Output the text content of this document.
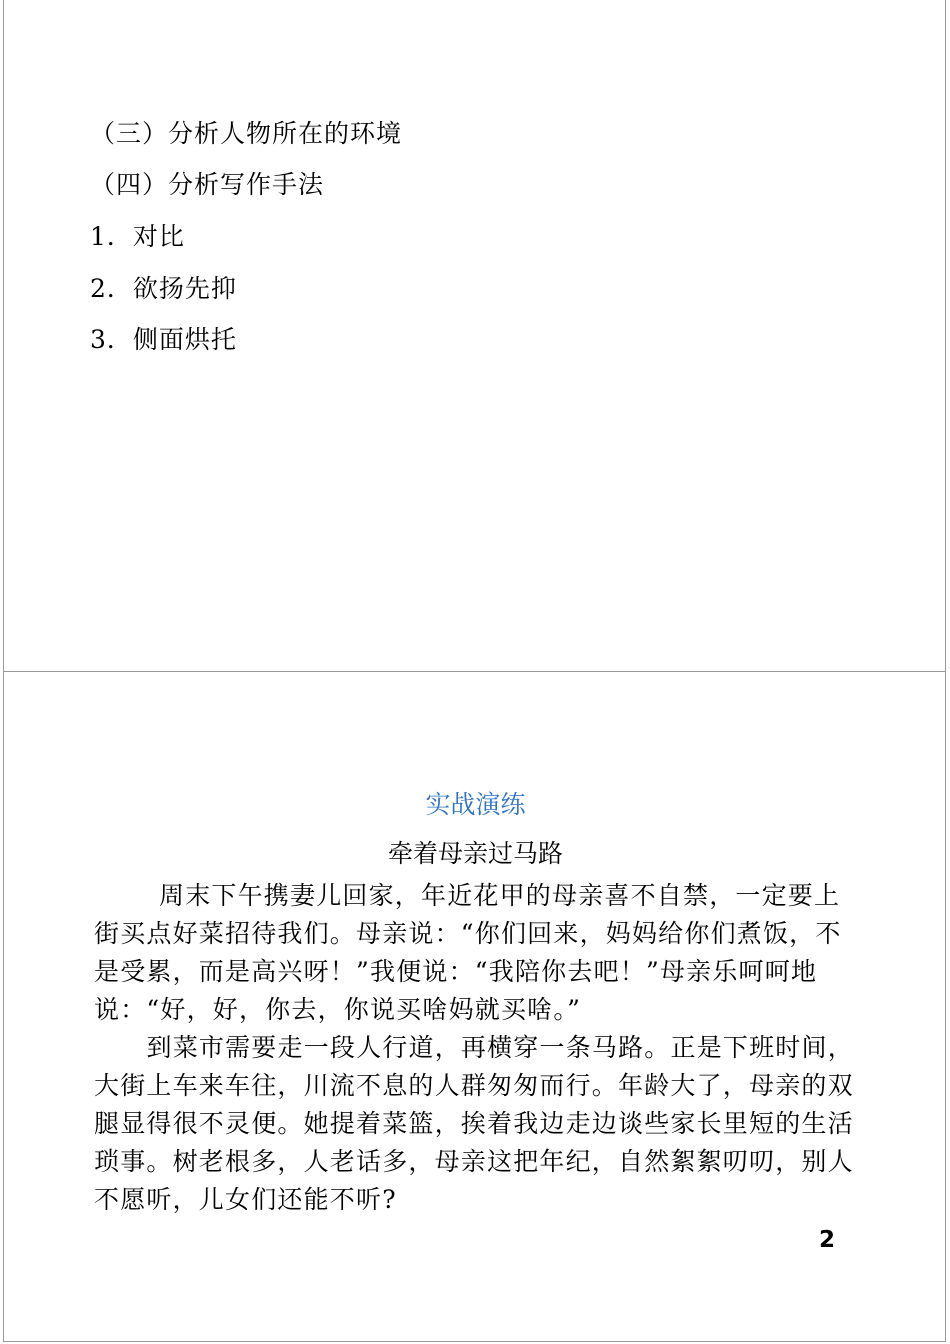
（三）分析人物所在的环境
（四）分析写作手法
1．对比
2．欲扬先抑
3．侧面烘托
实战演练
牵着母亲过马路

周末下午携妻儿回家，年近花甲的母亲喜不自禁，一定要上街买点好菜招待我们。母亲说：“你们回来，妈妈给你们煮饭，不是受累，而是高兴呀！”我便说：“我陪你去吧！”母亲乐呵呵地说：“好，好，你去，你说买啥妈就买啥。”

到菜市需要走一段人行道，再横穿一条马路。正是下班时间，大街上车来车往，川流不息的人群匆匆而行。年龄大了，母亲的双腿显得很不灵便。她提着菜篮，挨着我边走边谈些家长里短的生活琐事。树老根多，人老话多，母亲这把年纪，自然絮絮叨叨，别人不愿听，儿女们还能不听?

2
